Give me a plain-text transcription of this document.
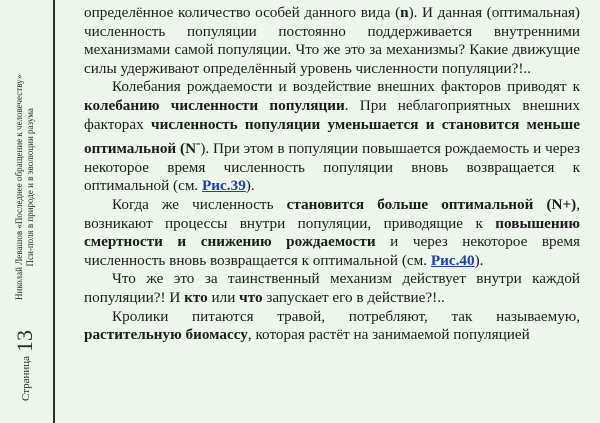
Страница13
Николай Левашов «Последнее обращение к человечеству» Пси-поля в природе и в эволюции разума

определённое количество особей данного вида (n). И данная (оптимальная) численность популяции постоянно поддерживается внутренними механизмами самой популяции. Что же это за механизмы? Какие движущие силы удерживают определённый уровень численности популяции?!..

Колебания рождаемости и воздействие внешних факторов приводят к колебанию численности популяции. При неблагоприятных внешних факторах численность популяции уменьшается и становится меньше оптимальной (N-). При этом в популяции повышается рождаемость и через некоторое время численность популяции вновь возвращается к оптимальной (см. Рис.39).

Когда же численность становится больше оптимальной (N+), возникают процессы внутри популяции, приводящие к повышению смертности и снижению рождаемости и через некоторое время численность вновь возвращается к оптимальной (см. Рис.40).

Что же это за таинственный механизм действует внутри каждой популяции?! И кто или что запускает его в действие?!..

Кролики питаются травой, потребляют, так называемую, растительную биомассу, которая растёт на занимаемой популяцией
